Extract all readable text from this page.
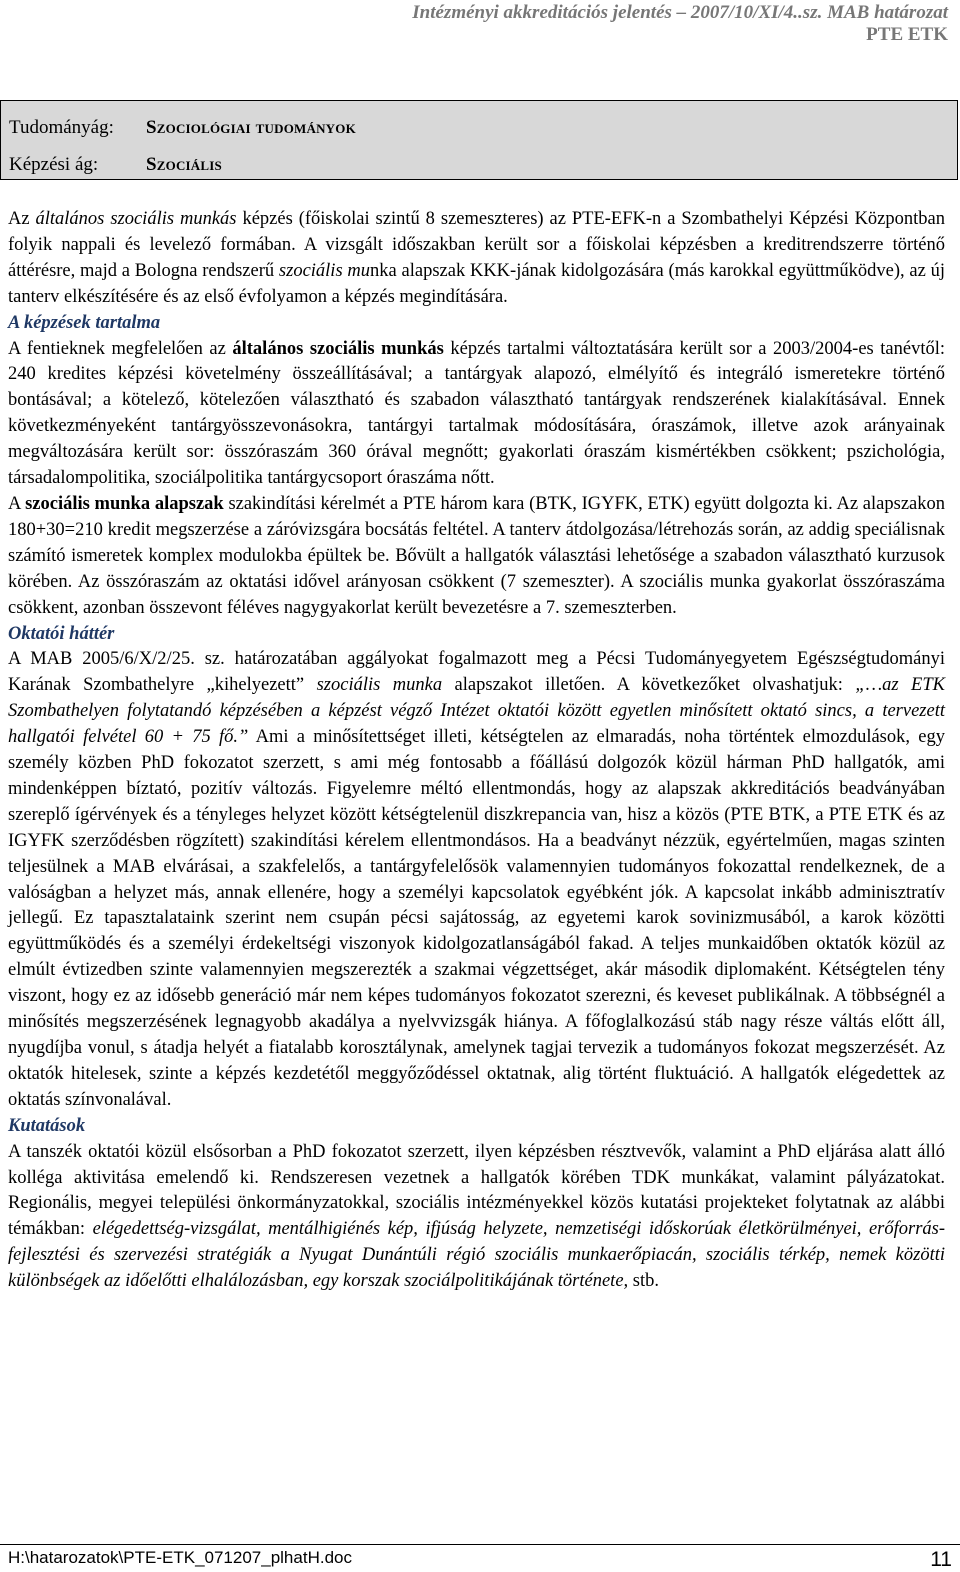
Intézményi akkreditációs jelentés – 2007/10/XI/4..sz. MAB határozat
PTE ETK
Tudományág: Szociológiai tudományok
Képzési ág:	Szociális

Az általános szociális munkás képzés (főiskolai szintű 8 szemeszteres) az PTE-EFK-n a Szombathelyi Képzési Központban folyik nappali és levelező formában. A vizsgált időszakban került sor a főiskolai képzésben a kreditrendszerre történő áttérésre, majd a Bologna rendszerű szociális munka alapszak KKK-jának kidolgozására (más karokkal együttműködve), az új tanterv elkészítésére és az első évfolyamon a képzés megindítására.

A képzések tartalma

A fentieknek megfelelően az általános szociális munkás képzés tartalmi változtatására került sor a 2003/2004-es tanévtől: 240 kredites képzési követelmény összeállításával; a tantárgyak alapozó, elmélyítő és integráló ismeretekre történő bontásával; a kötelező, kötelezően választható és szabadon választható tantárgyak rendszerének kialakításával. Ennek következményeként tantárgyösszevonásokra, tantárgyi tartalmak módosítására, óraszámok, illetve azok arányainak megváltozására került sor: összóraszám 360 órával megnőtt; gyakorlati óraszám kismértékben csökkent; pszichológia, társadalompolitika, szociálpolitika tantárgycsoport óraszáma nőtt.

A szociális munka alapszak szakindítási kérelmét a PTE három kara (BTK, IGYFK, ETK) együtt dolgozta ki. Az alapszakon 180+30=210 kredit megszerzése a záróvizsgára bocsátás feltétel. A tanterv átdolgozása/létrehozás során, az addig speciálisnak számító ismeretek komplex modulokba épültek be. Bővült a hallgatók választási lehetősége a szabadon választható kurzusok körében. Az összóraszám az oktatási idővel arányosan csökkent (7 szemeszter). A szociális munka gyakorlat összóraszáma csökkent, azonban összevont féléves nagygyakorlat került bevezetésre a 7. szemeszterben.

Oktatói háttér

A MAB 2005/6/X/2/25. sz. határozatában aggályokat fogalmazott meg a Pécsi Tudományegyetem Egészségtudományi Karának Szombathelyre „kihelyezett” szociális munka alapszakot illetően. A következőket olvashatjuk: „…az ETK Szombathelyen folytatandó képzésében a képzést végző Intézet oktatói között egyetlen minősített oktató sincs, a tervezett hallgatói felvétel 60 + 75 fő.” Ami a minősítettséget illeti, kétségtelen az elmaradás, noha történtek elmozdulások, egy személy közben PhD fokozatot szerzett, s ami még fontosabb a főállású dolgozók közül hárman PhD hallgatók, ami mindenképpen bíztató, pozitív változás. Figyelemre méltó ellentmondás, hogy az alapszak akkreditációs beadványában szereplő ígérvények és a tényleges helyzet között kétségtelenül diszkrepancia van, hisz a közös (PTE BTK, a PTE ETK és az IGYFK szerződésben rögzített) szakindítási kérelem ellentmondásos. Ha a beadványt nézzük, egyértelműen, magas szinten teljesülnek a MAB elvárásai, a szakfelelős, a tantárgyfelelősök valamennyien tudományos fokozattal rendelkeznek, de a valóságban a helyzet más, annak ellenére, hogy a személyi kapcsolatok egyébként jók. A kapcsolat inkább adminisztratív jellegű. Ez tapasztalataink szerint nem csupán pécsi sajátosság, az egyetemi karok sovinizmusából, a karok közötti együttműködés és a személyi érdekeltségi viszonyok kidolgozatlanságából fakad. A teljes munkaidőben oktatók közül az elmúlt évtizedben szinte valamennyien megszerezték a szakmai végzettséget, akár második diplomaként. Kétségtelen tény viszont, hogy ez az idősebb generáció már nem képes tudományos fokozatot szerezni, és keveset publikálnak. A többségnél a minősítés megszerzésének legnagyobb akadálya a nyelvvizsgák hiánya. A főfoglalkozású stáb nagy része váltás előtt áll, nyugdíjba vonul, s átadja helyét a fiatalabb korosztálynak, amelynek tagjai tervezik a tudományos fokozat megszerzését. Az oktatók hitelesek, szinte a képzés kezdetétől meggyőződéssel oktatnak, alig történt fluktuáció. A hallgatók elégedettek az oktatás színvonalával.

Kutatások

A tanszék oktatói közül elsősorban a PhD fokozatot szerzett, ilyen képzésben résztvevők, valamint a PhD eljárása alatt álló kolléga aktivitása emelendő ki. Rendszeresen vezetnek a hallgatók körében TDK munkákat, valamint pályázatokat. Regionális, megyei települési önkormányzatokkal, szociális intézményekkel közös kutatási projekteket folytatnak az alábbi témákban: elégedettség-vizsgálat, mentálhigiénés kép, ifjúság helyzete, nemzetiségi időskorúak életkörülményei, erőforrás-fejlesztési és szervezési stratégiák a Nyugat Dunántúli régió szociális munkaerőpiacán, szociális térkép, nemek közötti különbségek az időelőtti elhalálozásban, egy korszak szociálpolitikájának története, stb.

H:\hatarozatok\PTE-ETK_071207_plhatH.doc	11
